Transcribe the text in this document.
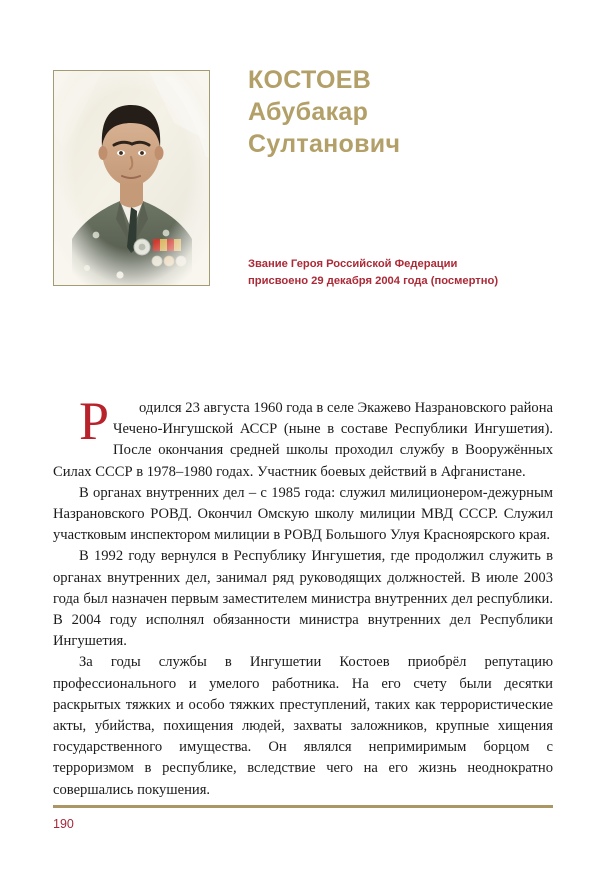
КОСТОЕВ
Абубакар
Султанович
Звание Героя Российской Федерации
присвоено 29 декабря 2004 года (посмертно)

Р одился 23 августа 1960 года в селе Экажево Назрановского района Чечено-Ингушской АССР (ныне в составе Республики Ингушетия). После окончания средней школы проходил службу в Вооружённых Силах СССР в 1978–1980 годах. Участник боевых действий в Афганистане.

В органах внутренних дел – с 1985 года: служил милиционером-дежурным Назрановского РОВД. Окончил Омскую школу милиции МВД СССР. Служил участковым инспектором милиции в РОВД Большого Улуя Красноярского края.

В 1992 году вернулся в Республику Ингушетия, где продолжил служить в органах внутренних дел, занимал ряд руководящих должностей. В июле 2003 года был назначен первым заместителем министра внутренних дел республики. В 2004 году исполнял обязанности министра внутренних дел Республики Ингушетия.

За годы службы в Ингушетии Костоев приобрёл репутацию профессионального и умелого работника. На его счету были десятки раскрытых тяжких и особо тяжких преступлений, таких как террористические акты, убийства, похищения людей, захваты заложников, крупные хищения государственного имущества. Он являлся непримиримым борцом с терроризмом в республике, вследствие чего на его жизнь неоднократно совершались покушения.

190
